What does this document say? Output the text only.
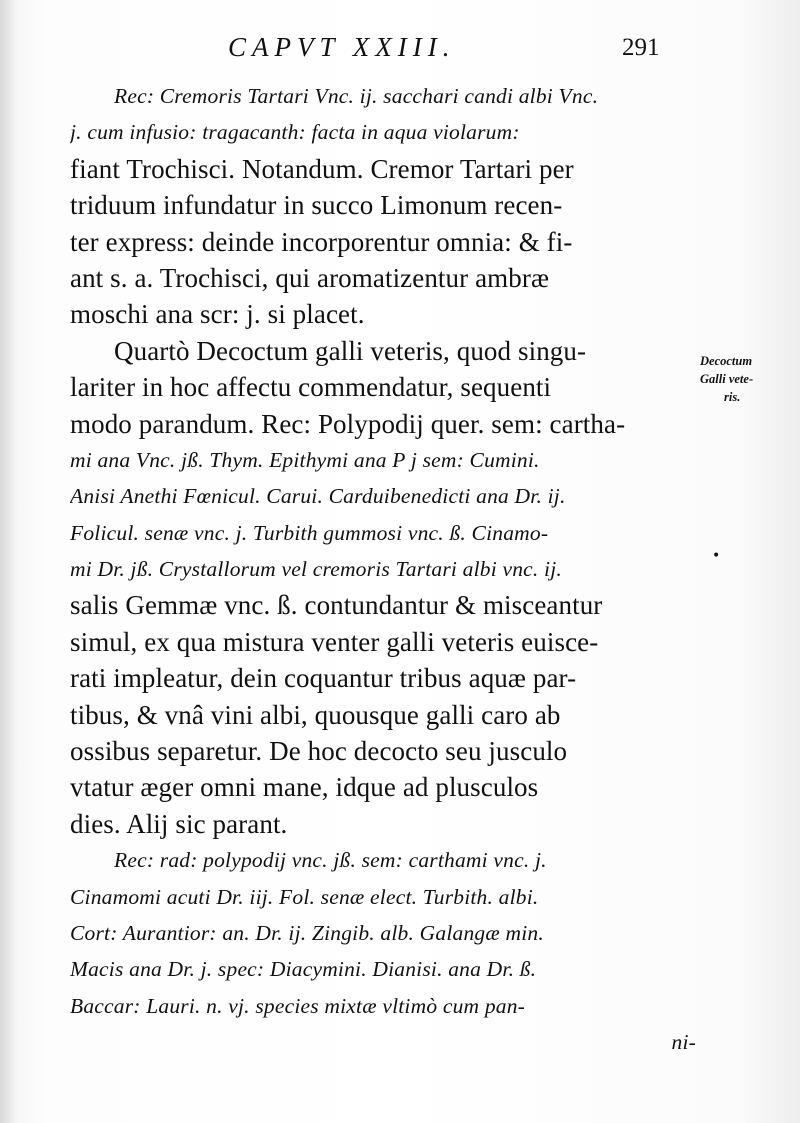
CAPVT XXIII.	291
Rec: Cremoris Tartari Vnc. ij. sacchari candi albi Vnc.
j. cum infusio: tragacanth: facta in aqua violarum:
fiant Trochisci. Notandum. Cremor Tartari per
triduum infundatur in succo Limonum recen-
ter express: deinde incorporentur omnia: & fi-
ant s. a. Trochisci, qui aromatizentur ambræ
moschi ana scr: j. si placet.
Quartò Decoctum galli veteris, quod singu-
lariter in hoc affectu commendatur, sequenti
modo parandum. Rec: Polypodij quer. sem: cartha-
mi ana Vnc. jß. Thym. Epithymi ana P j sem: Cumini.
Anisi Anethi Fœnicul. Carui. Carduibenedicti ana Dr. ij.
Folicul. senæ vnc. j. Turbith gummosi vnc. ß. Cinamo-
mi Dr. jß. Crystallorum vel cremoris Tartari albi vnc. ij.
salis Gemmæ vnc. ß. contundantur & misceantur
simul, ex qua mistura venter galli veteris euisce-
rati impleatur, dein coquantur tribus aquæ par-
tibus, & vnâ vini albi, quousque galli caro ab
ossibus separetur. De hoc decocto seu jusculo
vtatur æger omni mane, idque ad plusculos
dies. Alij sic parant.
Rec: rad: polypodij vnc. jß. sem: carthami vnc. j.
Cinamomi acuti Dr. iij. Fol. senæ elect. Turbith. albi.
Cort: Aurantior: an. Dr. ij. Zingib. alb. Galangæ min.
Macis ana Dr. j. spec: Diacymini. Dianisi. ana Dr. ß.
Baccar: Lauri. n. vj. species mixtæ vltimò cum pan-
ni-
Decoctum
Galli vete-
ris.
•
